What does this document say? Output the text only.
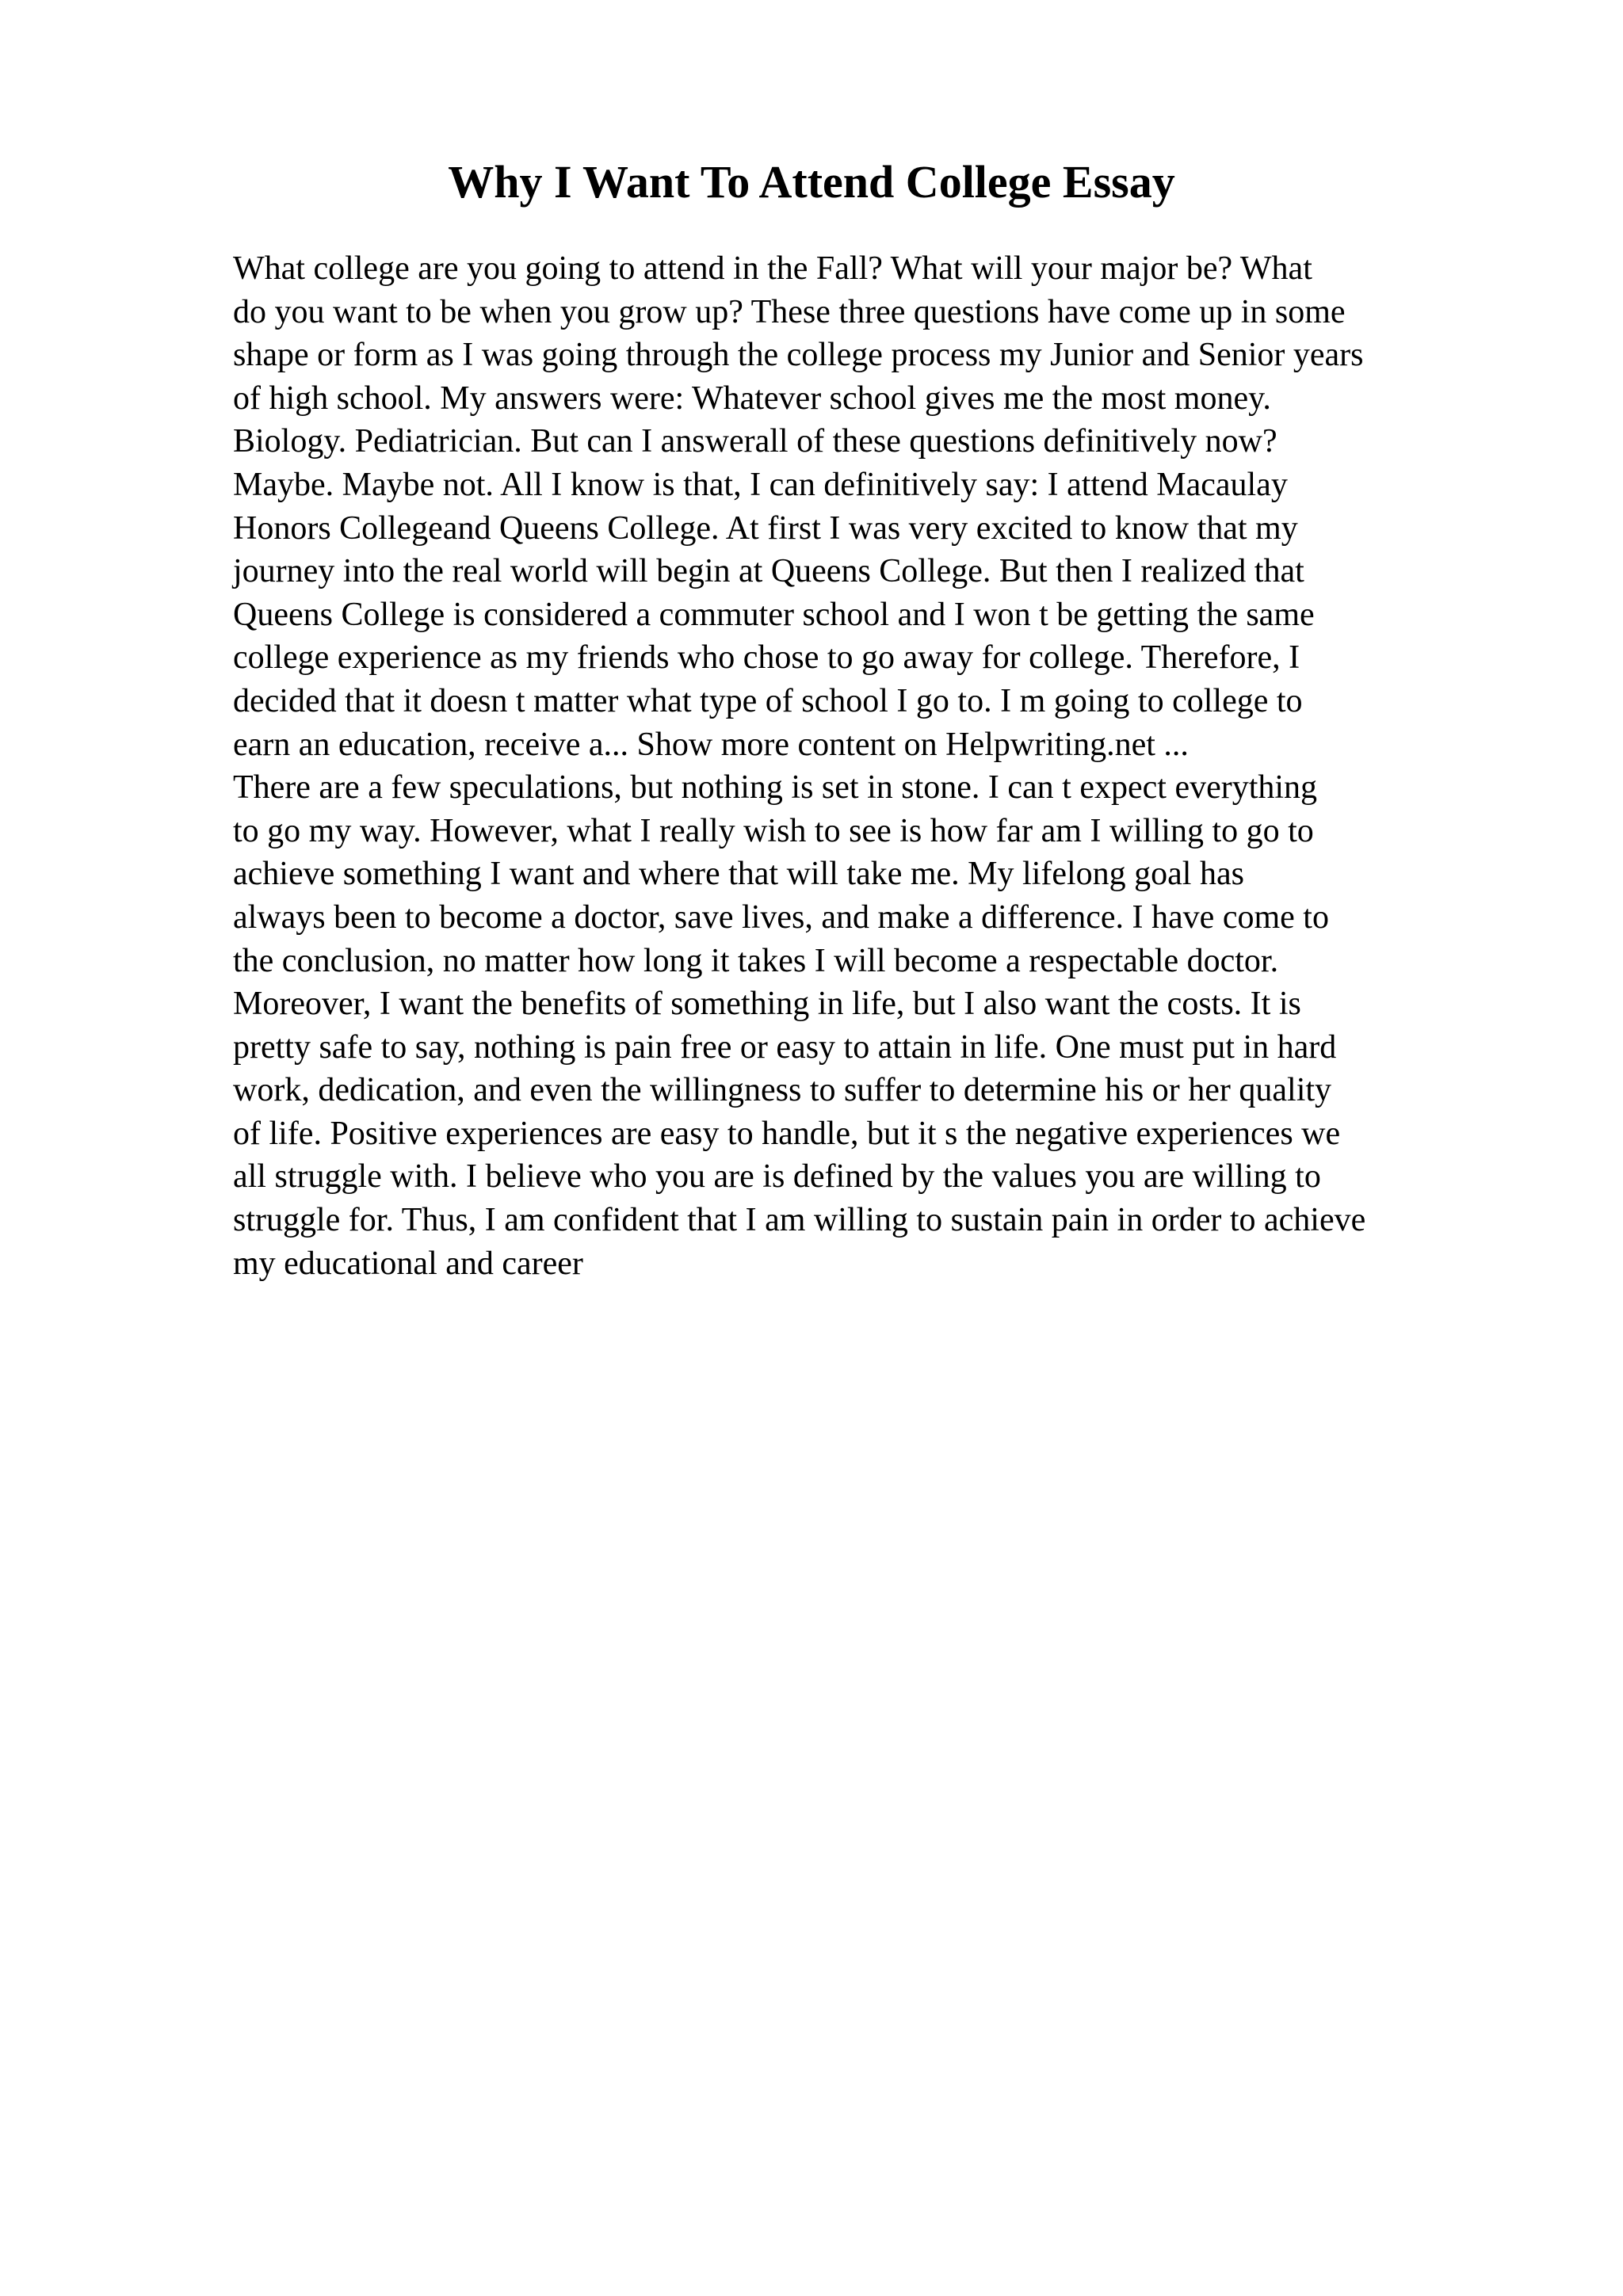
Why I Want To Attend College Essay
What college are you going to attend in the Fall? What will your major be? What
do you want to be when you grow up? These three questions have come up in some
shape or form as I was going through the college process my Junior and Senior years
of high school. My answers were: Whatever school gives me the most money.
Biology. Pediatrician. But can I answerall of these questions definitively now?
Maybe. Maybe not. All I know is that, I can definitively say: I attend Macaulay
Honors Collegeand Queens College. At first I was very excited to know that my
journey into the real world will begin at Queens College. But then I realized that
Queens College is considered a commuter school and I won t be getting the same
college experience as my friends who chose to go away for college. Therefore, I
decided that it doesn t matter what type of school I go to. I m going to college to
earn an education, receive a... Show more content on Helpwriting.net ...
There are a few speculations, but nothing is set in stone. I can t expect everything
to go my way. However, what I really wish to see is how far am I willing to go to
achieve something I want and where that will take me. My lifelong goal has
always been to become a doctor, save lives, and make a difference. I have come to
the conclusion, no matter how long it takes I will become a respectable doctor.
Moreover, I want the benefits of something in life, but I also want the costs. It is
pretty safe to say, nothing is pain free or easy to attain in life. One must put in hard
work, dedication, and even the willingness to suffer to determine his or her quality
of life. Positive experiences are easy to handle, but it s the negative experiences we
all struggle with. I believe who you are is defined by the values you are willing to
struggle for. Thus, I am confident that I am willing to sustain pain in order to achieve
my educational and career
